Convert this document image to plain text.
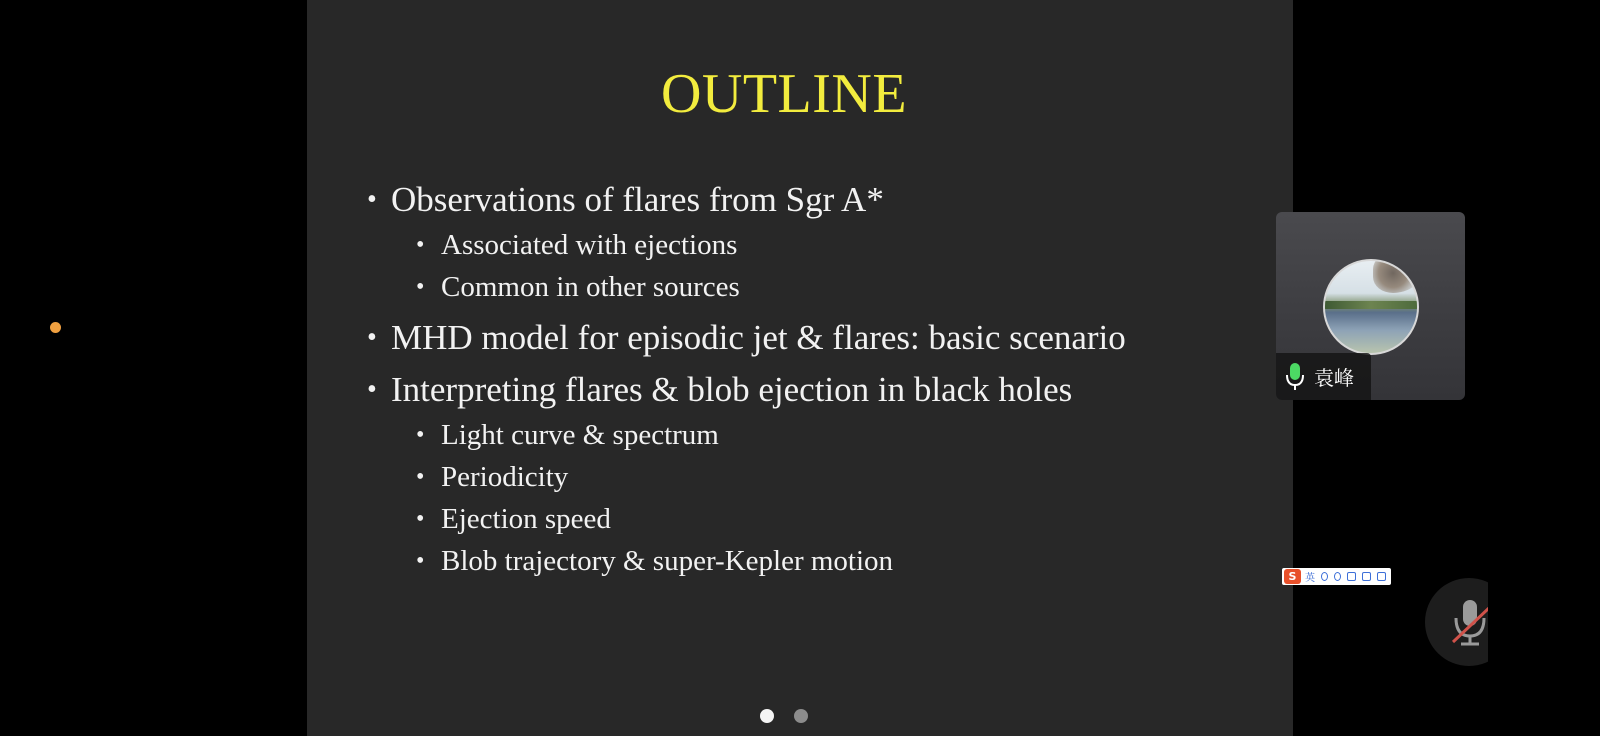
OUTLINE
• Observations of flares from Sgr A*
• Associated with ejections
• Common in other sources
• MHD model for episodic jet & flares: basic scenario
• Interpreting flares & blob ejection in black holes
• Light curve & spectrum
• Periodicity
• Ejection speed
• Blob trajectory & super-Kepler motion

袁峰
S 英
